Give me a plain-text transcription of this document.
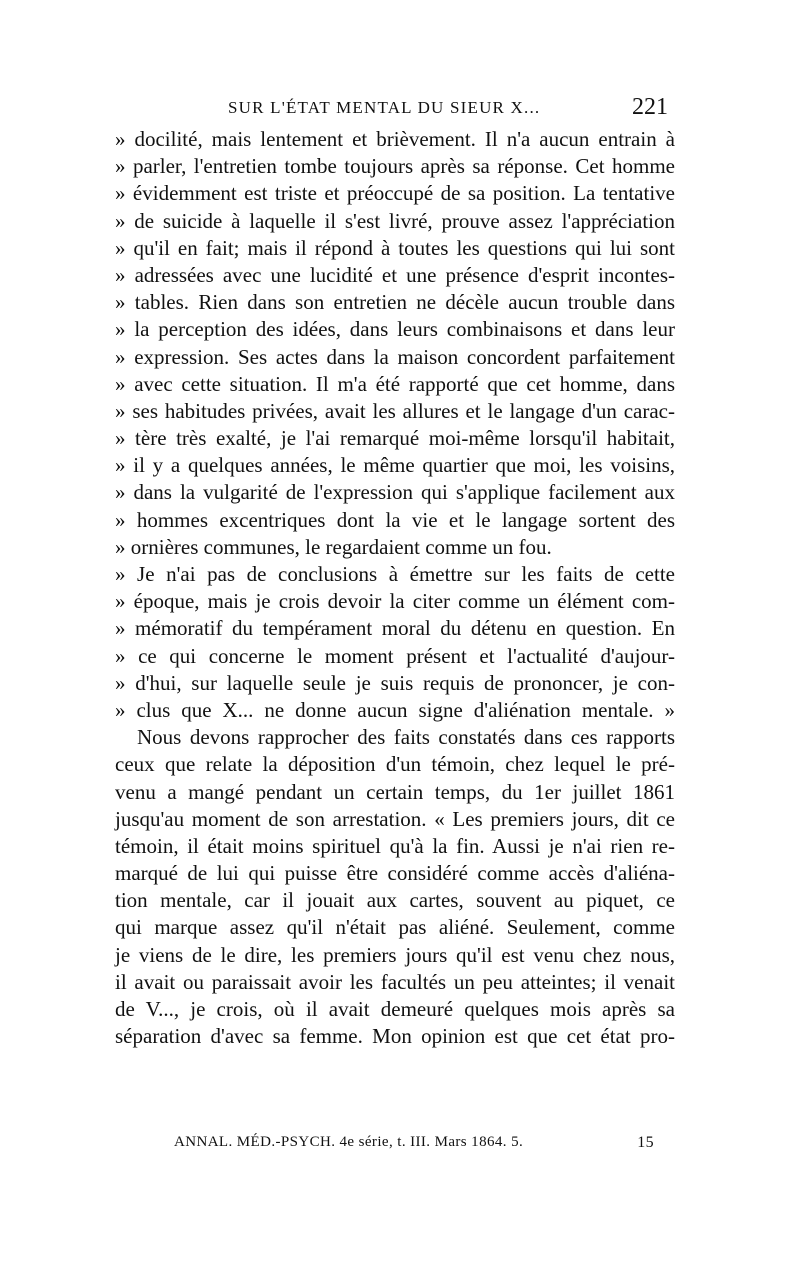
SUR L'ÉTAT MENTAL DU SIEUR X...	221
» docilité, mais lentement et brièvement. Il n'a aucun entrain à
» parler, l'entretien tombe toujours après sa réponse. Cet homme
» évidemment est triste et préoccupé de sa position. La tentative
» de suicide à laquelle il s'est livré, prouve assez l'appréciation
» qu'il en fait; mais il répond à toutes les questions qui lui sont
» adressées avec une lucidité et une présence d'esprit incontes-
» tables. Rien dans son entretien ne décèle aucun trouble dans
» la perception des idées, dans leurs combinaisons et dans leur
» expression. Ses actes dans la maison concordent parfaitement
» avec cette situation. Il m'a été rapporté que cet homme, dans
» ses habitudes privées, avait les allures et le langage d'un carac-
» tère très exalté, je l'ai remarqué moi-même lorsqu'il habitait,
» il y a quelques années, le même quartier que moi, les voisins,
» dans la vulgarité de l'expression qui s'applique facilement aux
» hommes excentriques dont la vie et le langage sortent des
» ornières communes, le regardaient comme un fou.
» Je n'ai pas de conclusions à émettre sur les faits de cette
» époque, mais je crois devoir la citer comme un élément com-
» mémoratif du tempérament moral du détenu en question. En
» ce qui concerne le moment présent et l'actualité d'aujour-
» d'hui, sur laquelle seule je suis requis de prononcer, je con-
» clus que X... ne donne aucun signe d'aliénation mentale. »
Nous devons rapprocher des faits constatés dans ces rapports
ceux que relate la déposition d'un témoin, chez lequel le pré-
venu a mangé pendant un certain temps, du 1er juillet 1861
jusqu'au moment de son arrestation. « Les premiers jours, dit ce
témoin, il était moins spirituel qu'à la fin. Aussi je n'ai rien re-
marqué de lui qui puisse être considéré comme accès d'aliéna-
tion mentale, car il jouait aux cartes, souvent au piquet, ce
qui marque assez qu'il n'était pas aliéné. Seulement, comme
je viens de le dire, les premiers jours qu'il est venu chez nous,
il avait ou paraissait avoir les facultés un peu atteintes; il venait
de V..., je crois, où il avait demeuré quelques mois après sa
séparation d'avec sa femme. Mon opinion est que cet état pro-
ANNAL. MÉD.-PSYCH. 4e série, t. III. Mars 1864. 5.	15
